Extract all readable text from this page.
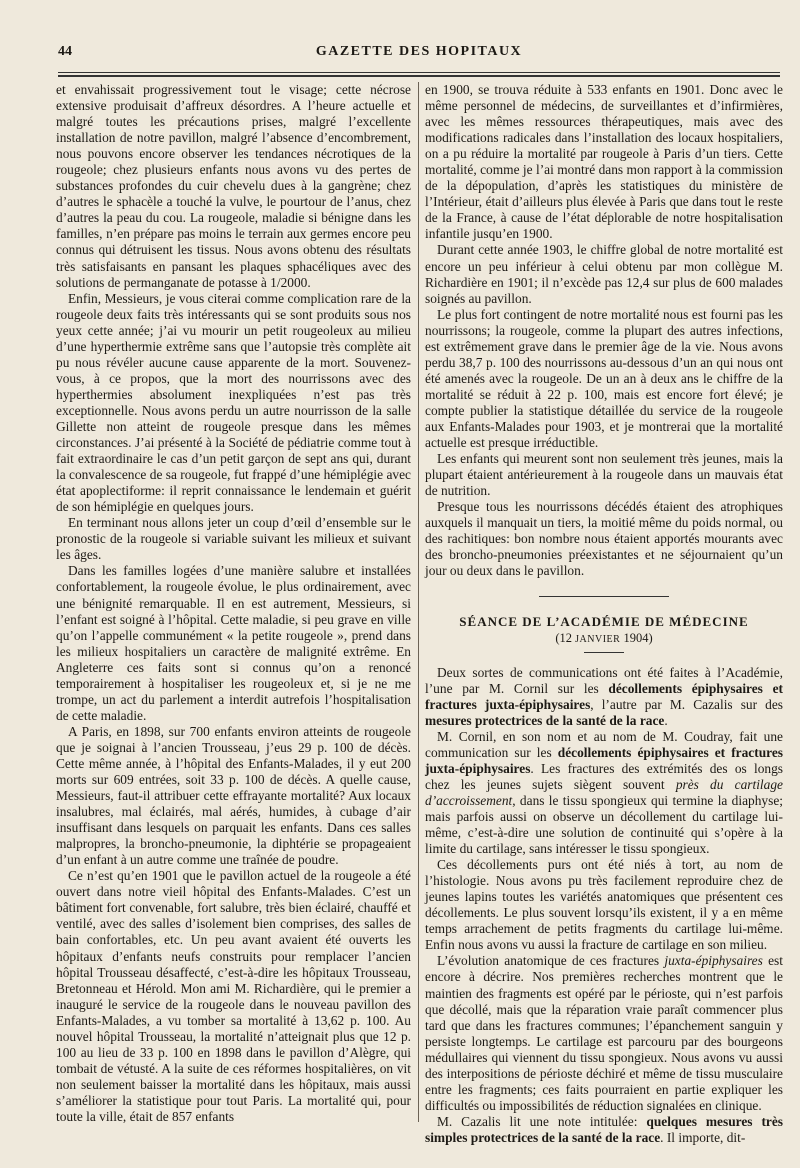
44	GAZETTE DES HOPITAUX

et envahissait progressivement tout le visage; cette nécrose extensive produisait d’affreux désordres. A l’heure actuelle et malgré toutes les précautions prises, malgré l’excellente installation de notre pavillon, malgré l’absence d’encombrement, nous pouvons encore observer les tendances nécrotiques de la rougeole; chez plusieurs enfants nous avons vu des pertes de substances profondes du cuir chevelu dues à la gangrène; chez d’autres le sphacèle a touché la vulve, le pourtour de l’anus, chez d’autres la peau du cou. La rougeole, maladie si bénigne dans les familles, n’en prépare pas moins le terrain aux germes encore peu connus qui détruisent les tissus. Nous avons obtenu des résultats très satisfaisants en pansant les plaques sphacéliques avec des solutions de permanganate de potasse à 1/2000.

Enfin, Messieurs, je vous citerai comme complication rare de la rougeole deux faits très intéressants qui se sont produits sous nos yeux cette année; j’ai vu mourir un petit rougeoleux au milieu d’une hyperthermie extrême sans que l’autopsie très complète ait pu nous révéler aucune cause apparente de la mort. Souvenez-vous, à ce propos, que la mort des nourrissons avec des hyperthermies absolument inexpliquées n’est pas très exceptionnelle. Nous avons perdu un autre nourrisson de la salle Gillette non atteint de rougeole presque dans les mêmes circonstances. J’ai présenté à la Société de pédiatrie comme tout à fait extraordinaire le cas d’un petit garçon de sept ans qui, durant la convalescence de sa rougeole, fut frappé d’une hémiplégie avec état apoplectiforme: il reprit connaissance le lendemain et guérit de son hémiplégie en quelques jours.

En terminant nous allons jeter un coup d’œil d’ensemble sur le pronostic de la rougeole si variable suivant les milieux et suivant les âges.

Dans les familles logées d’une manière salubre et installées confortablement, la rougeole évolue, le plus ordinairement, avec une bénignité remarquable. Il en est autrement, Messieurs, si l’enfant est soigné à l’hôpital. Cette maladie, si peu grave en ville qu’on l’appelle communément « la petite rougeole », prend dans les milieux hospitaliers un caractère de malignité extrême. En Angleterre ces faits sont si connus qu’on a renoncé temporairement à hospitaliser les rougeoleux et, si je ne me trompe, un act du parlement a interdit autrefois l’hospitalisation de cette maladie.

A Paris, en 1898, sur 700 enfants environ atteints de rougeole que je soignai à l’ancien Trousseau, j’eus 29 p. 100 de décès. Cette même année, à l’hôpital des Enfants-Malades, il y eut 200 morts sur 609 entrées, soit 33 p. 100 de décès. A quelle cause, Messieurs, faut-il attribuer cette effrayante mortalité? Aux locaux insalubres, mal éclairés, mal aérés, humides, à cubage d’air insuffisant dans lesquels on parquait les enfants. Dans ces salles malpropres, la broncho-pneumonie, la diphtérie se propageaient d’un enfant à un autre comme une traînée de poudre.

Ce n’est qu’en 1901 que le pavillon actuel de la rougeole a été ouvert dans notre vieil hôpital des Enfants-Malades. C’est un bâtiment fort convenable, fort salubre, très bien éclairé, chauffé et ventilé, avec des salles d’isolement bien comprises, des salles de bain confortables, etc. Un peu avant avaient été ouverts les hôpitaux d’enfants neufs construits pour remplacer l’ancien hôpital Trousseau désaffecté, c’est-à-dire les hôpitaux Trousseau, Bretonneau et Hérold. Mon ami M. Richardière, qui le premier a inauguré le service de la rougeole dans le nouveau pavillon des Enfants-Malades, a vu tomber sa mortalité à 13,62 p. 100. Au nouvel hôpital Trousseau, la mortalité n’atteignait plus que 12 p. 100 au lieu de 33 p. 100 en 1898 dans le pavillon d’Alègre, qui tombait de vétusté. A la suite de ces réformes hospitalières, on vit non seulement baisser la mortalité dans les hôpitaux, mais aussi s’améliorer la statistique pour tout Paris. La mortalité qui, pour toute la ville, était de 857 enfants

en 1900, se trouva réduite à 533 enfants en 1901. Donc avec le même personnel de médecins, de surveillantes et d’infirmières, avec les mêmes ressources thérapeutiques, mais avec des modifications radicales dans l’installation des locaux hospitaliers, on a pu réduire la mortalité par rougeole à Paris d’un tiers. Cette mortalité, comme je l’ai montré dans mon rapport à la commission de la dépopulation, d’après les statistiques du ministère de l’Intérieur, était d’ailleurs plus élevée à Paris que dans tout le reste de la France, à cause de l’état déplorable de notre hospitalisation infantile jusqu’en 1900.

Durant cette année 1903, le chiffre global de notre mortalité est encore un peu inférieur à celui obtenu par mon collègue M. Richardière en 1901; il n’excède pas 12,4 sur plus de 600 malades soignés au pavillon.

Le plus fort contingent de notre mortalité nous est fourni pas les nourrissons; la rougeole, comme la plupart des autres infections, est extrêmement grave dans le premier âge de la vie. Nous avons perdu 38,7 p. 100 des nourrissons au-dessous d’un an qui nous ont été amenés avec la rougeole. De un an à deux ans le chiffre de la mortalité se réduit à 22 p. 100, mais est encore fort élevé; je compte publier la statistique détaillée du service de la rougeole aux Enfants-Malades pour 1903, et je montrerai que la mortalité actuelle est presque irréductible.

Les enfants qui meurent sont non seulement très jeunes, mais la plupart étaient antérieurement à la rougeole dans un mauvais état de nutrition.

Presque tous les nourrissons décédés étaient des atrophiques auxquels il manquait un tiers, la moitié même du poids normal, ou des rachitiques: bon nombre nous étaient apportés mourants avec des broncho-pneumonies préexistantes et ne séjournaient qu’un jour ou deux dans le pavillon.

SÉANCE DE L’ACADÉMIE DE MÉDECINE
(12 JANVIER 1904)

Deux sortes de communications ont été faites à l’Académie, l’une par M. Cornil sur les décollements épiphysaires et fractures juxta-épiphysaires, l’autre par M. Cazalis sur des mesures protectrices de la santé de la race.

M. Cornil, en son nom et au nom de M. Coudray, fait une communication sur les décollements épiphysaires et fractures juxta-épiphysaires. Les fractures des extrémités des os longs chez les jeunes sujets siègent souvent près du cartilage d’accroissement, dans le tissu spongieux qui termine la diaphyse; mais parfois aussi on observe un décollement du cartilage lui-même, c’est-à-dire une solution de continuité qui s’opère à la limite du cartilage, sans intéresser le tissu spongieux.

Ces décollements purs ont été niés à tort, au nom de l’histologie. Nous avons pu très facilement reproduire chez de jeunes lapins toutes les variétés anatomiques que présentent ces décollements. Le plus souvent lorsqu’ils existent, il y a en même temps arrachement de petits fragments du cartilage lui-même. Enfin nous avons vu aussi la fracture de cartilage en son milieu.

L’évolution anatomique de ces fractures juxta-épiphysaires est encore à décrire. Nos premières recherches montrent que le maintien des fragments est opéré par le périoste, qui n’est parfois que décollé, mais que la réparation vraie paraît commencer plus tard que dans les fractures communes; l’épanchement sanguin y persiste longtemps. Le cartilage est parcouru par des bourgeons médullaires qui viennent du tissu spongieux. Nous avons vu aussi des interpositions de périoste déchiré et même de tissu musculaire entre les fragments; ces faits pourraient en partie expliquer les difficultés ou impossibilités de réduction signalées en clinique.

M. Cazalis lit une note intitulée: quelques mesures très simples protectrices de la santé de la race. Il importe, dit-
